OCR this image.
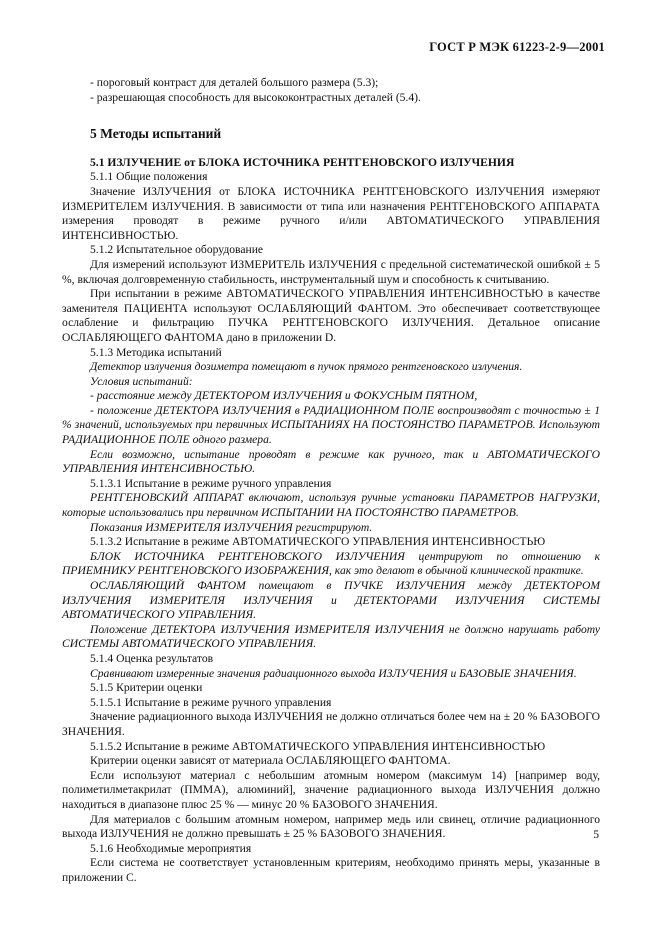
ГОСТ Р МЭК 61223-2-9—2001

- пороговый контраст для деталей большого размера (5.3);

- разрешающая способность для высококонтрастных деталей (5.4).

5 Методы испытаний

5.1 ИЗЛУЧЕНИЕ от БЛОКА ИСТОЧНИКА РЕНТГЕНОВСКОГО ИЗЛУЧЕНИЯ

5.1.1 Общие положения

Значение ИЗЛУЧЕНИЯ от БЛОКА ИСТОЧНИКА РЕНТГЕНОВСКОГО ИЗЛУЧЕНИЯ измеряют ИЗМЕРИТЕЛЕМ ИЗЛУЧЕНИЯ. В зависимости от типа или назначения РЕНТГЕНОВСКОГО АППАРАТА измерения проводят в режиме ручного и/или АВТОМАТИЧЕСКОГО УПРАВЛЕНИЯ ИНТЕНСИВНОСТЬЮ.

5.1.2 Испытательное оборудование

Для измерений используют ИЗМЕРИТЕЛЬ ИЗЛУЧЕНИЯ с предельной систематической ошибкой ± 5 %, включая долговременную стабильность, инструментальный шум и способность к считыванию.

При испытании в режиме АВТОМАТИЧЕСКОГО УПРАВЛЕНИЯ ИНТЕНСИВНОСТЬЮ в качестве заменителя ПАЦИЕНТА используют ОСЛАБЛЯЮЩИЙ ФАНТОМ. Это обеспечивает соответствующее ослабление и фильтрацию ПУЧКА РЕНТГЕНОВСКОГО ИЗЛУЧЕНИЯ. Детальное описание ОСЛАБЛЯЮЩЕГО ФАНТОМА дано в приложении D.

5.1.3 Методика испытаний

Детектор излучения дозиметра помещают в пучок прямого рентгеновского излучения.

Условия испытаний:

- расстояние между ДЕТЕКТОРОМ ИЗЛУЧЕНИЯ и ФОКУСНЫМ ПЯТНОМ,

- положение ДЕТЕКТОРА ИЗЛУЧЕНИЯ в РАДИАЦИОННОМ ПОЛЕ воспроизводят с точностью ± 1 % значений, используемых при первичных ИСПЫТАНИЯХ НА ПОСТОЯНСТВО ПАРАМЕТРОВ. Используют РАДИАЦИОННОЕ ПОЛЕ одного размера.

Если возможно, испытание проводят в режиме как ручного, так и АВТОМАТИЧЕСКОГО УПРАВЛЕНИЯ ИНТЕНСИВНОСТЬЮ.

5.1.3.1 Испытание в режиме ручного управления

РЕНТГЕНОВСКИЙ АППАРАТ включают, используя ручные установки ПАРАМЕТРОВ НАГРУЗКИ, которые использовались при первичном ИСПЫТАНИИ НА ПОСТОЯНСТВО ПАРАМЕТРОВ.

Показания ИЗМЕРИТЕЛЯ ИЗЛУЧЕНИЯ регистрируют.

5.1.3.2 Испытание в режиме АВТОМАТИЧЕСКОГО УПРАВЛЕНИЯ ИНТЕНСИВНОСТЬЮ

БЛОК ИСТОЧНИКА РЕНТГЕНОВСКОГО ИЗЛУЧЕНИЯ центрируют по отношению к ПРИЕМНИКУ РЕНТГЕНОВСКОГО ИЗОБРАЖЕНИЯ, как это делают в обычной клинической практике.

ОСЛАБЛЯЮЩИЙ ФАНТОМ помещают в ПУЧКЕ ИЗЛУЧЕНИЯ между ДЕТЕКТОРОМ ИЗЛУЧЕНИЯ ИЗМЕРИТЕЛЯ ИЗЛУЧЕНИЯ и ДЕТЕКТОРАМИ ИЗЛУЧЕНИЯ СИСТЕМЫ АВТОМАТИЧЕСКОГО УПРАВЛЕНИЯ.

Положение ДЕТЕКТОРА ИЗЛУЧЕНИЯ ИЗМЕРИТЕЛЯ ИЗЛУЧЕНИЯ не должно нарушать работу СИСТЕМЫ АВТОМАТИЧЕСКОГО УПРАВЛЕНИЯ.

5.1.4 Оценка результатов

Сравнивают измеренные значения радиационного выхода ИЗЛУЧЕНИЯ и БАЗОВЫЕ ЗНАЧЕНИЯ.

5.1.5 Критерии оценки

5.1.5.1 Испытание в режиме ручного управления

Значение радиационного выхода ИЗЛУЧЕНИЯ не должно отличаться более чем на ± 20 % БАЗОВОГО ЗНАЧЕНИЯ.

5.1.5.2 Испытание в режиме АВТОМАТИЧЕСКОГО УПРАВЛЕНИЯ ИНТЕНСИВНОСТЬЮ

Критерии оценки зависят от материала ОСЛАБЛЯЮЩЕГО ФАНТОМА.

Если используют материал с небольшим атомным номером (максимум 14) [например воду, полиметилметакрилат (ПММА), алюминий], значение радиационного выхода ИЗЛУЧЕНИЯ должно находиться в диапазоне плюс 25 % — минус 20 % БАЗОВОГО ЗНАЧЕНИЯ.

Для материалов с большим атомным номером, например медь или свинец, отличие радиационного выхода ИЗЛУЧЕНИЯ не должно превышать ± 25 % БАЗОВОГО ЗНАЧЕНИЯ.

5.1.6 Необходимые мероприятия

Если система не соответствует установленным критериям, необходимо принять меры, указанные в приложении С.

5
